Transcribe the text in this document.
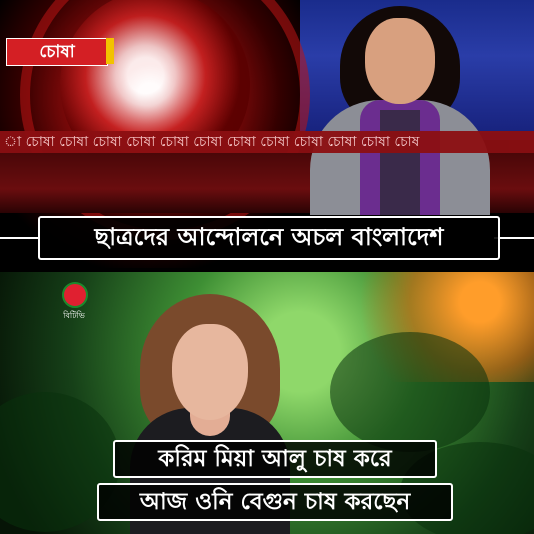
া চোষা চোষা চোষা চোষা চোষা চোষা চোষা চোষা চোষা চোষা চোষা চোষ
চোষা
ছাত্রদের আন্দোলনে অচল বাংলাদেশ
বিটিভি
করিম মিয়া আলু চাষ করে
আজ ওনি বেগুন চাষ করছেন
